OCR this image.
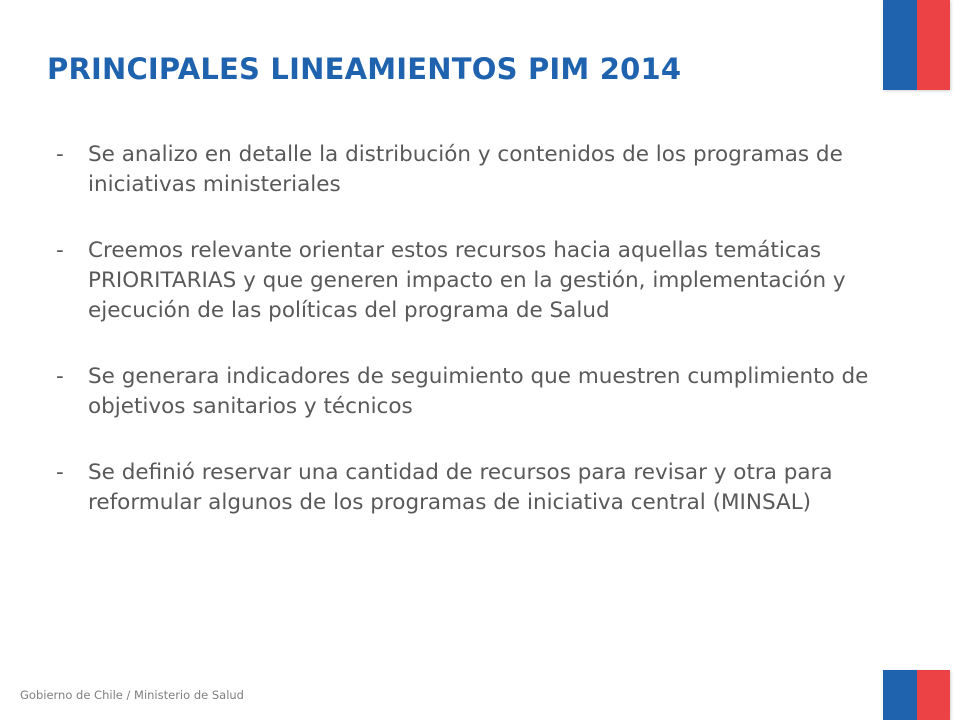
PRINCIPALES LINEAMIENTOS PIM 2014
-	Se analizo en detalle la distribución y contenidos de los programas de iniciativas ministeriales
-	Creemos relevante orientar estos recursos hacia aquellas temáticas PRIORITARIAS y que generen impacto en la gestión, implementación y ejecución de las políticas del programa de Salud
-	Se generara indicadores de seguimiento que muestren cumplimiento de objetivos sanitarios y técnicos
-	Se definió reservar una cantidad de recursos para revisar y otra para reformular algunos de los programas de iniciativa central (MINSAL)
Gobierno de Chile / Ministerio de Salud
